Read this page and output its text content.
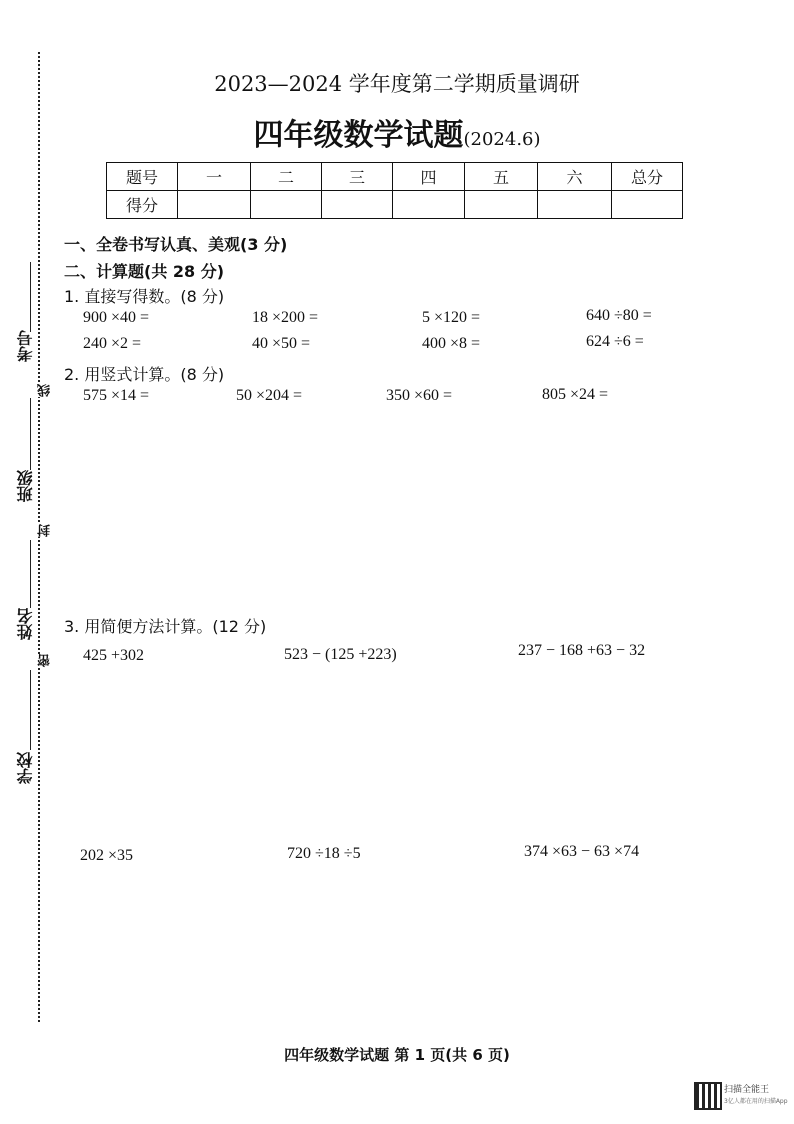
考号
班级
姓名
学校
线
封
密
2023—2024 学年度第二学期质量调研
四年级数学试题(2024.6)
题号	一	二	三	四	五	六	总分
得分							
一、全卷书写认真、美观(3 分)
二、计算题(共 28 分)
1. 直接写得数。(8 分)
900 ×40 =	18 ×200 =	5 ×120 =	640 ÷80 =
240 ×2 =	40 ×50 =	400 ×8 =	624 ÷6 =
2. 用竖式计算。(8 分)
575 ×14 =	50 ×204 =	350 ×60 =	805 ×24 =
3. 用简便方法计算。(12 分)
425 +302	523 − (125 +223)	237 − 168 +63 − 32
202 ×35	720 ÷18 ÷5	374 ×63 − 63 ×74
四年级数学试题 第 1 页(共 6 页)
扫描全能王
3亿人都在用的扫描App
